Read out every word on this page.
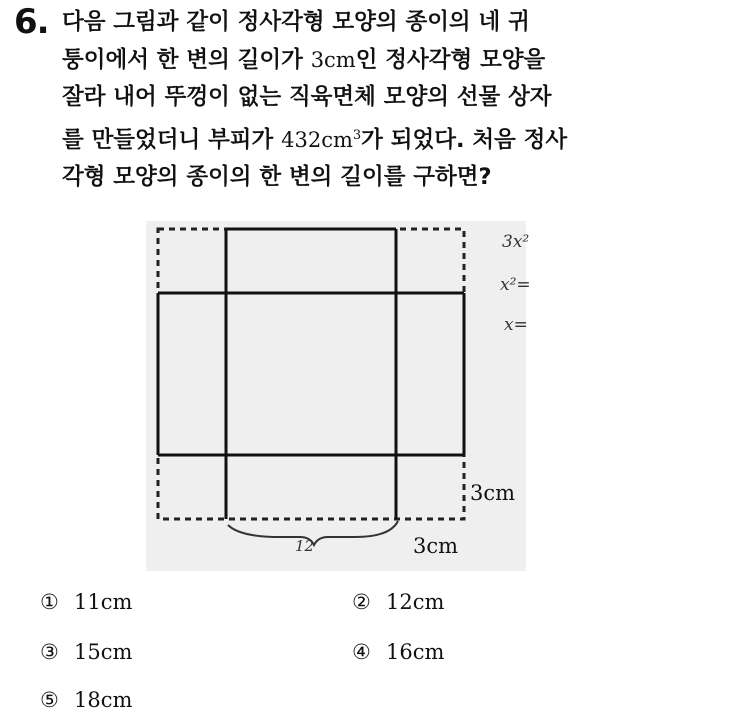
6. 다음 그림과 같이 정사각형 모양의 종이의 네 귀
퉁이에서 한 변의 길이가 3cm인 정사각형 모양을
잘라 내어 뚜껑이 없는 직육면체 모양의 선물 상자
를 만들었더니 부피가 $432cm^3$가 되었다. 처음 정사
각형 모양의 종이의 한 변의 길이를 구하면?
3x²
x²=
x=
3cm
3cm
12
① 11cm	② 12cm
③ 15cm	④ 16cm
⑤ 18cm
